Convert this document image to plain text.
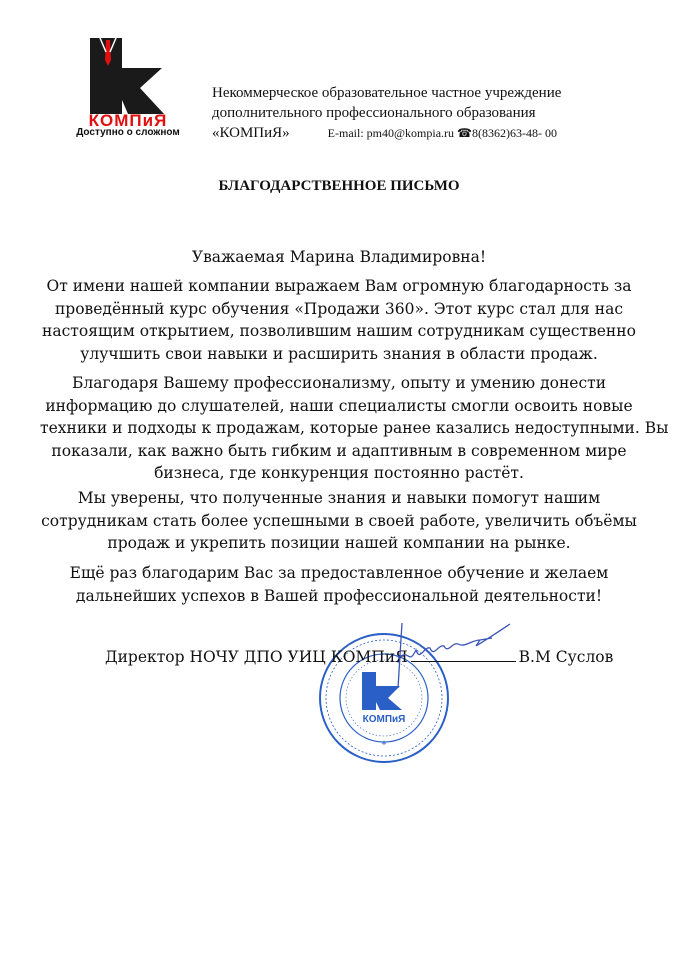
КОМПиЯ
Доступно о сложном
Некоммерческое образовательное частное учреждение
дополнительного профессионального образования
«КОМПиЯ»	E-mail: pm40@kompia.ru ☎8(8362)63-48- 00
БЛАГОДАРСТВЕННОЕ ПИСЬМО
Уважаемая Марина Владимировна!
От имени нашей компании выражаем Вам огромную благодарность за
проведённый курс обучения «Продажи 360». Этот курс стал для нас
настоящим открытием, позволившим нашим сотрудникам существенно
улучшить свои навыки и расширить знания в области продаж.
Благодаря Вашему профессионализму, опыту и умению донести
информацию до слушателей, наши специалисты смогли освоить новые
техники и подходы к продажам, которые ранее казались недоступными. Вы
показали, как важно быть гибким и адаптивным в современном мире
бизнеса, где конкуренция постоянно растёт.
Мы уверены, что полученные знания и навыки помогут нашим
сотрудникам стать более успешными в своей работе, увеличить объёмы
продаж и укрепить позиции нашей компании на рынке.
Ещё раз благодарим Вас за предоставленное обучение и желаем
дальнейших успехов в Вашей профессиональной деятельности!
КОМПиЯ
*
Директор НОЧУ ДПО УИЦ КОМПиЯ	В.М Суслов
